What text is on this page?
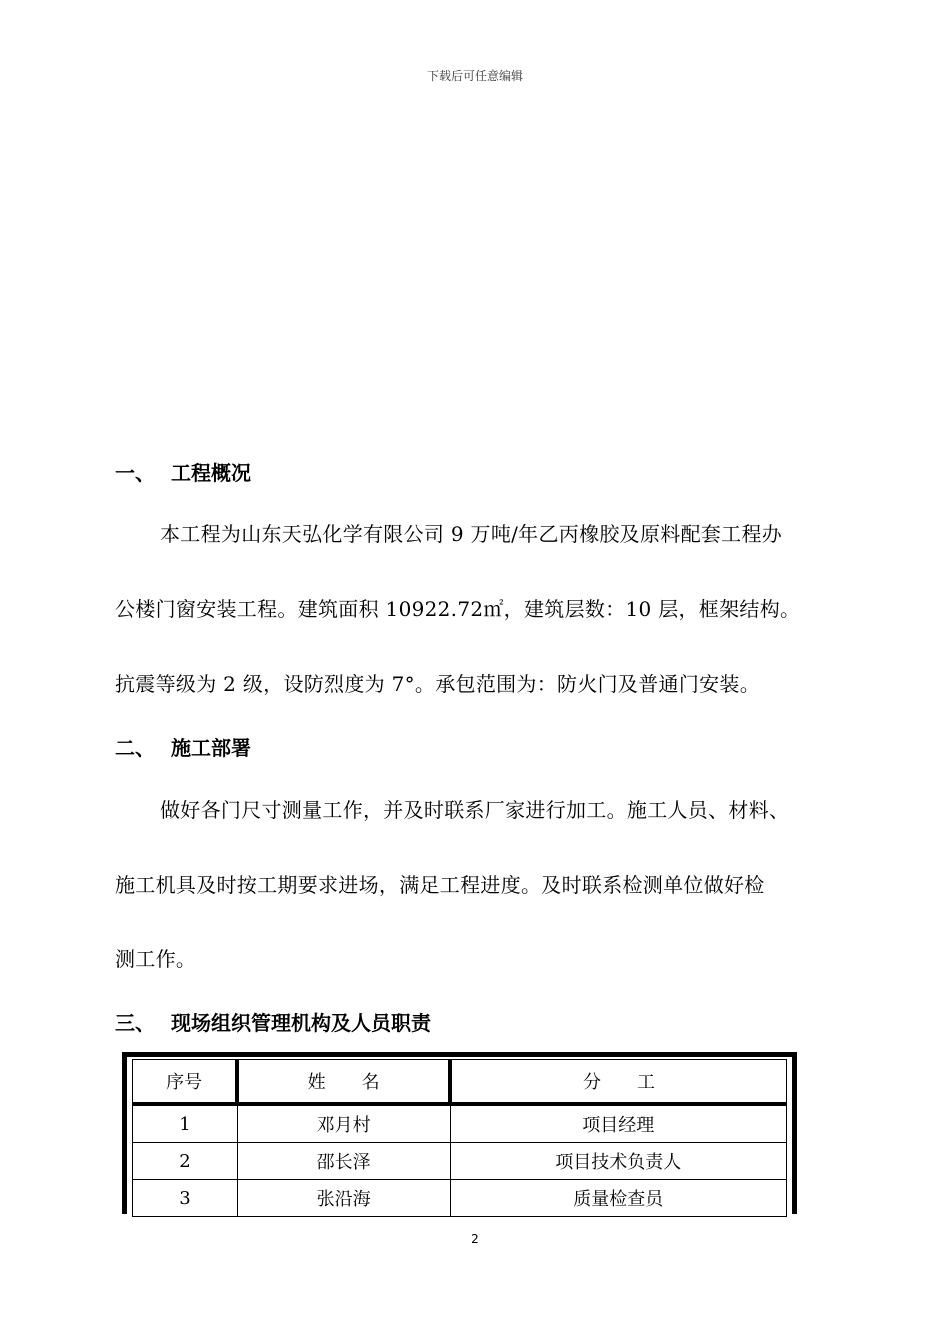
下载后可任意编辑
一、 工程概况
本工程为山东天弘化学有限公司 9 万吨/年乙丙橡胶及原料配套工程办
公楼门窗安装工程。建筑面积 10922.72㎡，建筑层数：10 层，框架结构。
抗震等级为 2 级，设防烈度为 7°。承包范围为：防火门及普通门安装。
二、 施工部署
做好各门尺寸测量工作，并及时联系厂家进行加工。施工人员、材料、
施工机具及时按工期要求进场，满足工程进度。及时联系检测单位做好检
测工作。
三、 现场组织管理机构及人员职责
序号	姓　　名	分　　工
1	邓月村	项目经理
2	邵长泽	项目技术负责人
3	张沿海	质量检查员
2
